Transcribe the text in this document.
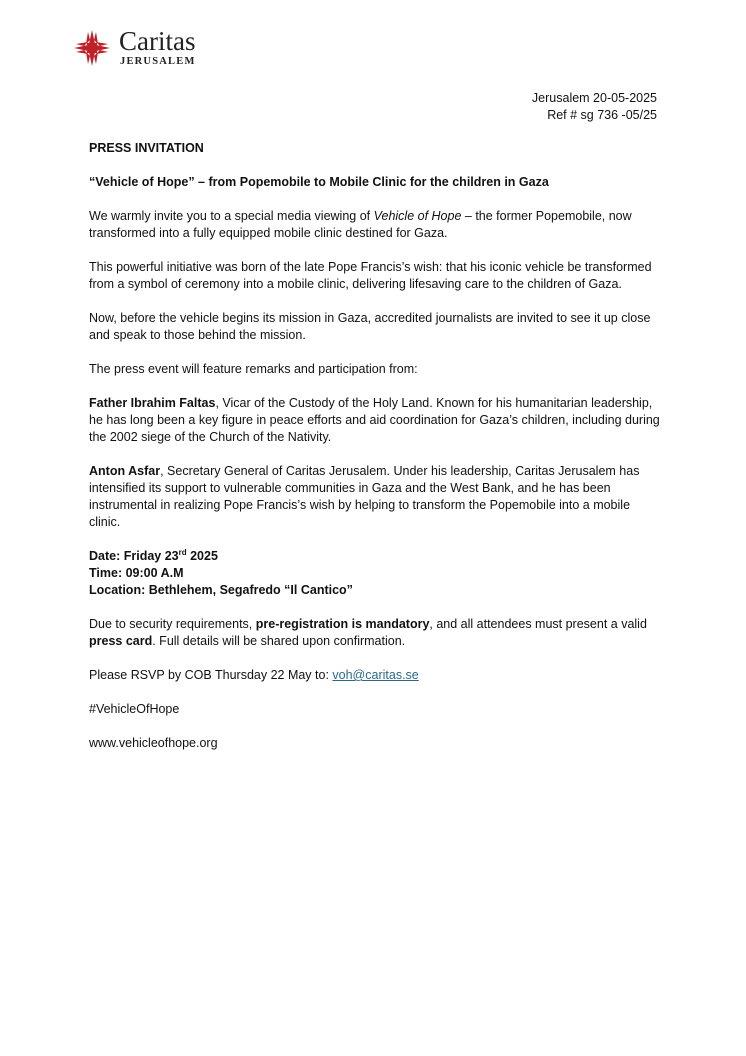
Caritas
JERUSALEM
Jerusalem 20-05-2025
Ref # sg 736 -05/25

PRESS INVITATION

“Vehicle of Hope” – from Popemobile to Mobile Clinic for the children in Gaza

We warmly invite you to a special media viewing of Vehicle of Hope – the former Popemobile, now transformed into a fully equipped mobile clinic destined for Gaza.

This powerful initiative was born of the late Pope Francis’s wish: that his iconic vehicle be transformed from a symbol of ceremony into a mobile clinic, delivering lifesaving care to the children of Gaza.

Now, before the vehicle begins its mission in Gaza, accredited journalists are invited to see it up close and speak to those behind the mission.

The press event will feature remarks and participation from:

Father Ibrahim Faltas, Vicar of the Custody of the Holy Land. Known for his humanitarian leadership, he has long been a key figure in peace efforts and aid coordination for Gaza’s children, including during the 2002 siege of the Church of the Nativity.

Anton Asfar, Secretary General of Caritas Jerusalem. Under his leadership, Caritas Jerusalem has intensified its support to vulnerable communities in Gaza and the West Bank, and he has been instrumental in realizing Pope Francis’s wish by helping to transform the Popemobile into a mobile clinic.

Date: Friday 23rd 2025
Time: 09:00 A.M
Location: Bethlehem, Segafredo “Il Cantico”

Due to security requirements, pre-registration is mandatory, and all attendees must present a valid press card. Full details will be shared upon confirmation.

Please RSVP by COB Thursday 22 May to: voh@caritas.se

#VehicleOfHope

www.vehicleofhope.org
